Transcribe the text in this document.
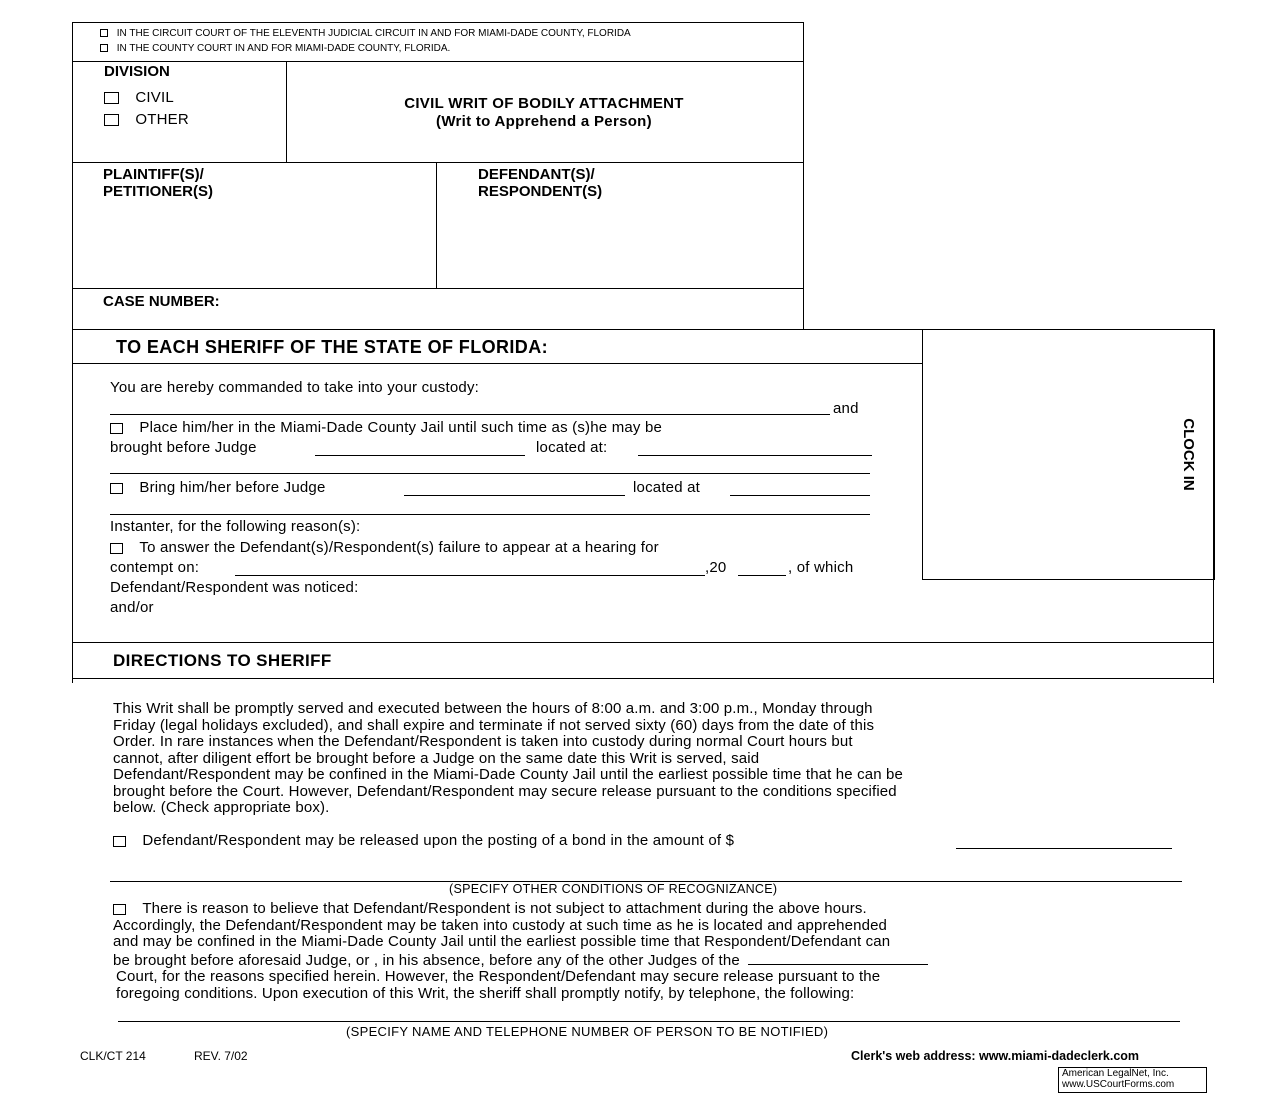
IN THE CIRCUIT COURT OF THE ELEVENTH JUDICIAL CIRCUIT IN AND FOR MIAMI-DADE COUNTY, FLORIDA
IN THE COUNTY COURT IN AND FOR MIAMI-DADE COUNTY, FLORIDA.
DIVISION
CIVIL
OTHER
CIVIL WRIT OF BODILY ATTACHMENT
(Writ to Apprehend a Person)
PLAINTIFF(S)/
PETITIONER(S)
DEFENDANT(S)/
RESPONDENT(S)
CASE NUMBER:
CLOCK IN
TO EACH SHERIFF OF THE STATE OF FLORIDA:
You are hereby commanded to take into your custody:
and
Place him/her in the Miami-Dade County Jail until such time as (s)he may be
brought before Judge	located at:
Bring him/her before Judge	located at
Instanter, for the following reason(s):
To answer the Defendant(s)/Respondent(s) failure to appear at a hearing for
contempt on:	,20	, of which
Defendant/Respondent was noticed:
and/or
DIRECTIONS TO SHERIFF
This Writ shall be promptly served and executed between the hours of 8:00 a.m. and 3:00 p.m., Monday through
Friday (legal holidays excluded), and shall expire and terminate if not served sixty (60) days from the date of this
Order. In rare instances when the Defendant/Respondent is taken into custody during normal Court hours but
cannot, after diligent effort be brought before a Judge on the same date this Writ is served, said
Defendant/Respondent may be confined in the Miami-Dade County Jail until the earliest possible time that he can be
brought before the Court. However, Defendant/Respondent may secure release pursuant to the conditions specified
below. (Check appropriate box).
Defendant/Respondent may be released upon the posting of a bond in the amount of $
(SPECIFY OTHER CONDITIONS OF RECOGNIZANCE)
There is reason to believe that Defendant/Respondent is not subject to attachment during the above hours.
Accordingly, the Defendant/Respondent may be taken into custody at such time as he is located and apprehended
and may be confined in the Miami-Dade County Jail until the earliest possible time that Respondent/Defendant can
be brought before aforesaid Judge, or , in his absence, before any of the other Judges of the
Court, for the reasons specified herein. However, the Respondent/Defendant may secure release pursuant to the
foregoing conditions. Upon execution of this Writ, the sheriff shall promptly notify, by telephone, the following:
(SPECIFY NAME AND TELEPHONE NUMBER OF PERSON TO BE NOTIFIED)
CLK/CT 214	REV. 7/02	Clerk's web address: www.miami-dadeclerk.com
American LegalNet, Inc.
www.USCourtForms.com
